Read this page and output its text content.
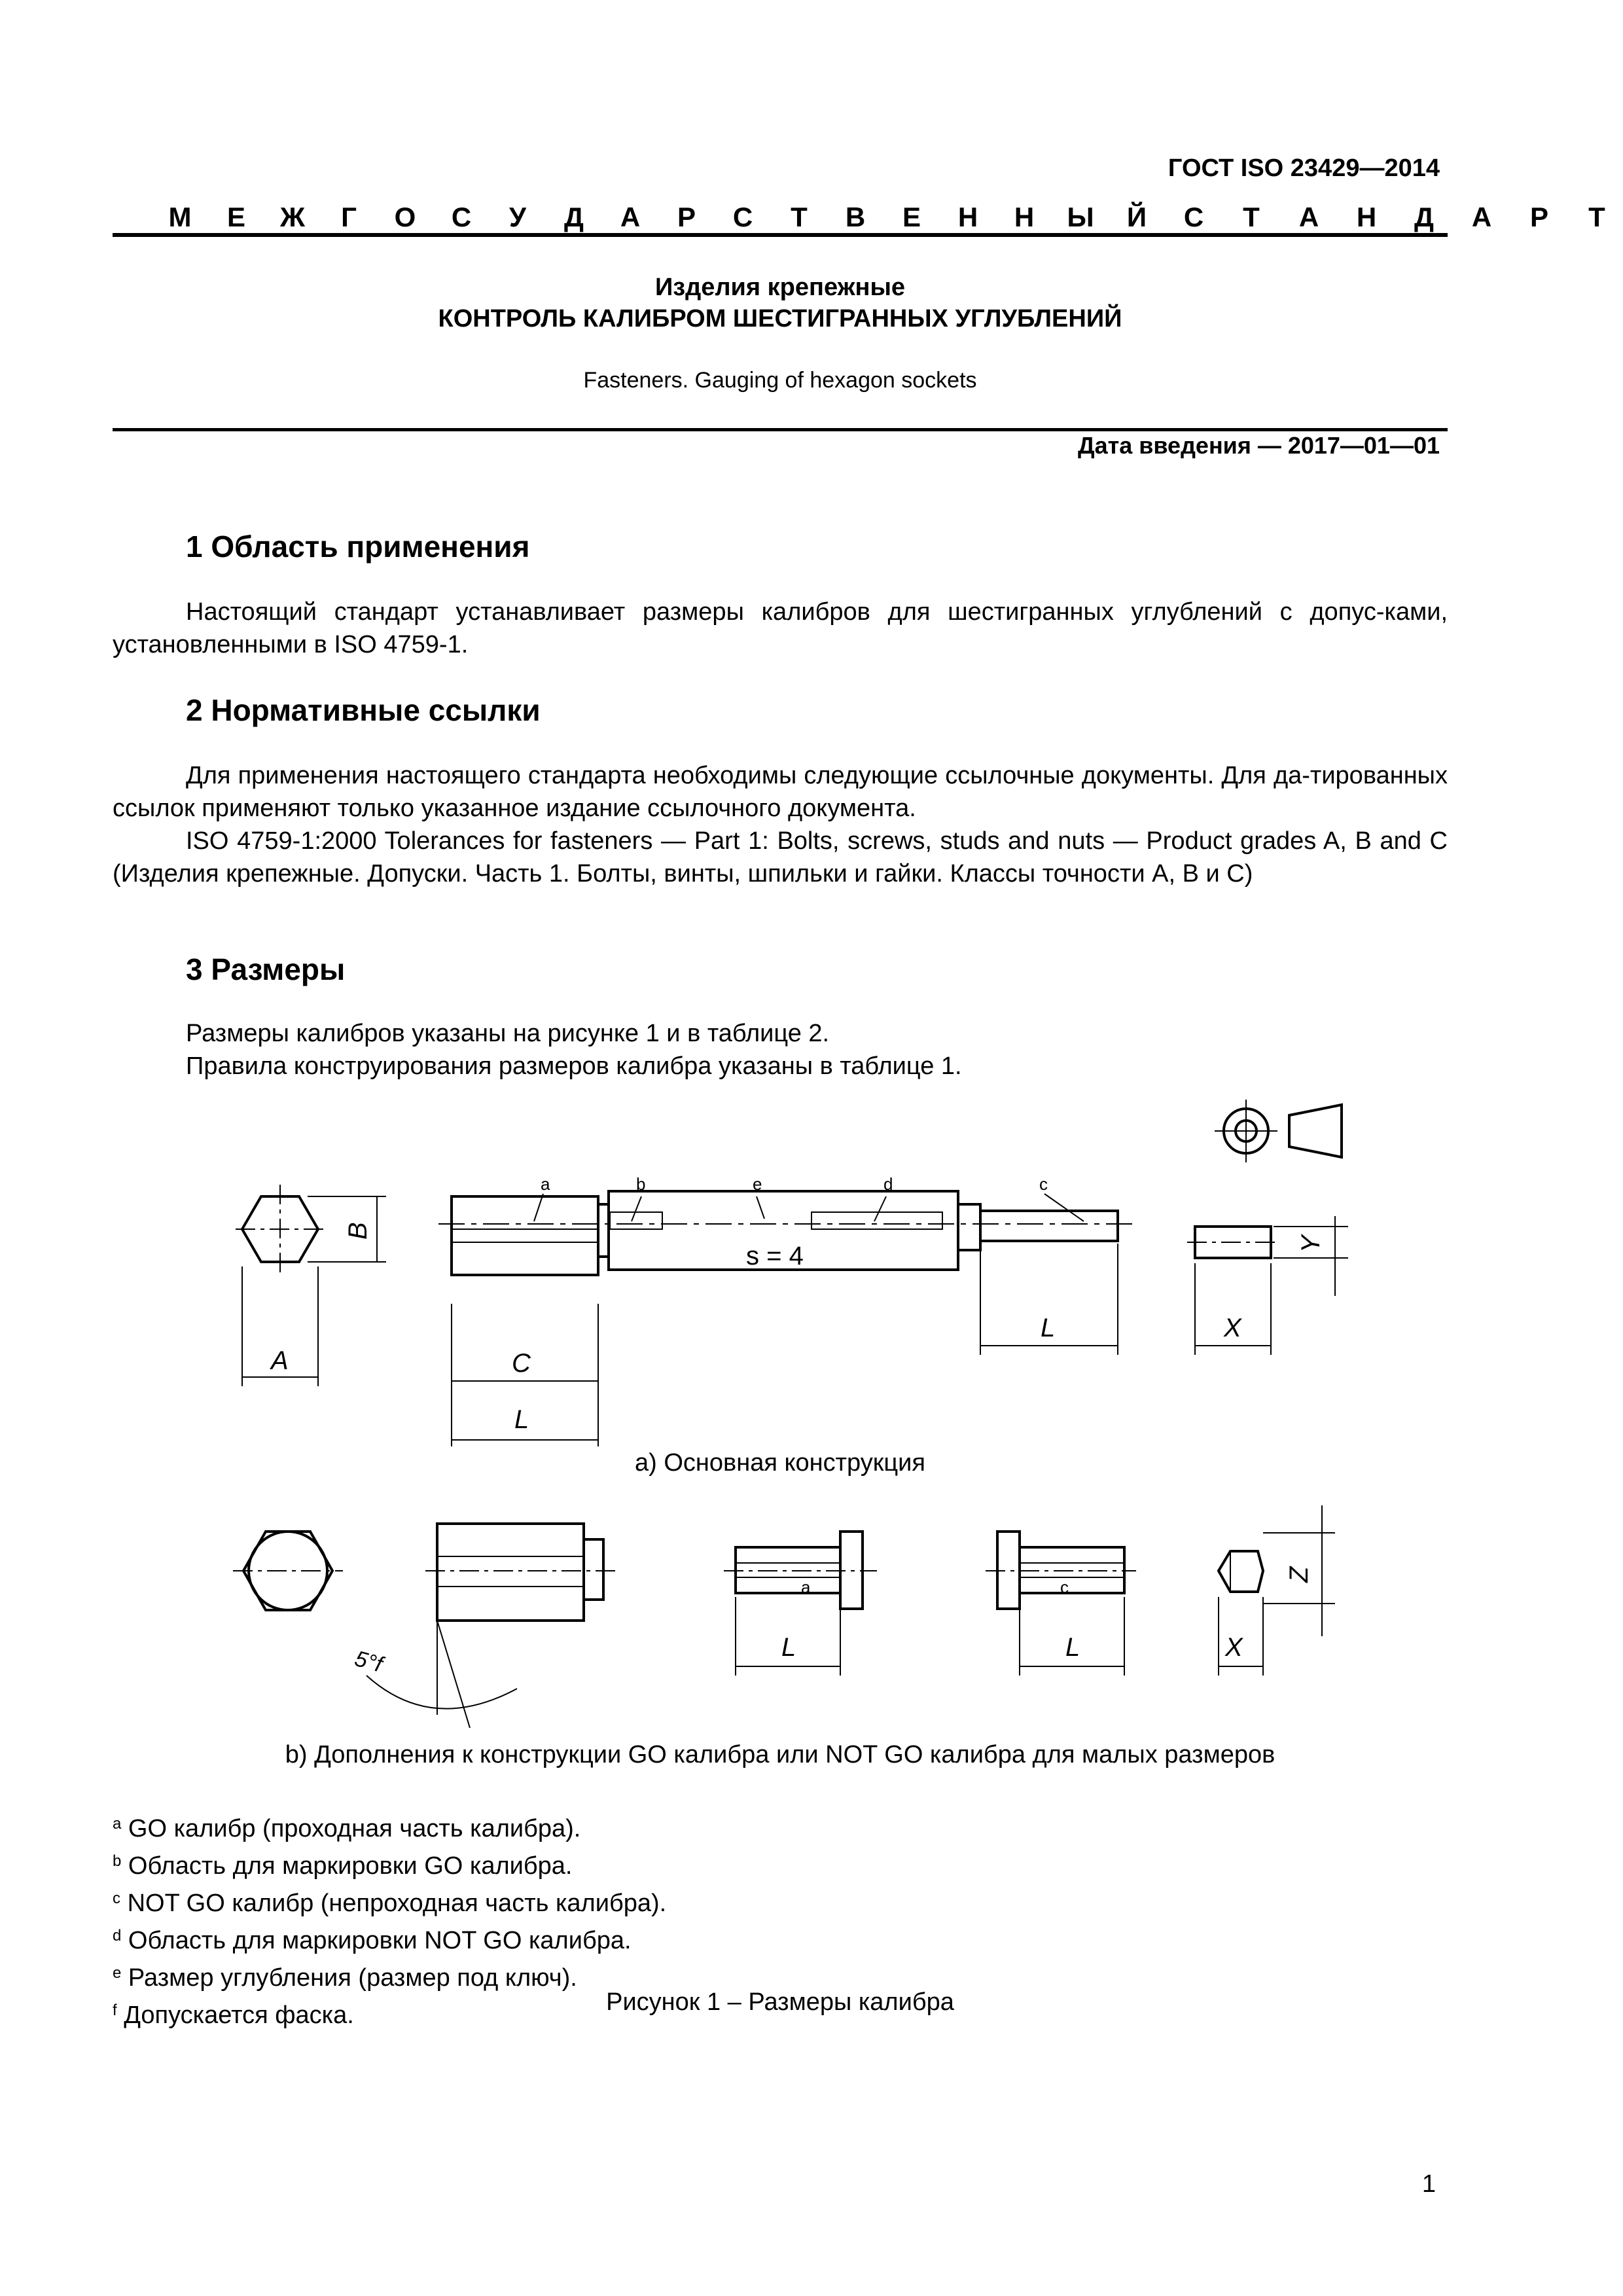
ГОСТ ISO 23429—2014
М	Е	Ж	Г	О	С	У	Д	А	Р	С	Т	В	Е	Н	Н	Ы	Й	С	Т	А	Н	Д	А	Р	Т
Изделия крепежные
КОНТРОЛЬ КАЛИБРОМ ШЕСТИГРАННЫХ УГЛУБЛЕНИЙ
Fasteners. Gauging of hexagon sockets
Дата введения — 2017—01—01
1 Область применения

Настоящий стандарт устанавливает размеры калибров для шестигранных углублений с допус-ками, установленными в ISO 4759-1.

2 Нормативные ссылки

Для применения настоящего стандарта необходимы следующие ссылочные документы. Для да-тированных ссылок применяют только указанное издание ссылочного документа.

ISO 4759-1:2000 Tolerances for fasteners — Part 1: Bolts, screws, studs and nuts — Product grades A, B and C (Изделия крепежные. Допуски. Часть 1. Болты, винты, шпильки и гайки. Классы точности А, В и С)

3 Размеры
Размеры калибров указаны на рисунке 1 и в таблице 2.
Правила конструирования размеров калибра указаны в таблице 1.
a	b	e	d	c
a	c
s = 4
A
B
C
L
L	X
Y
5°f	L	L	X
Z
a) Основная конструкция
b) Дополнения к конструкции GO калибра или NOT GO калибра для малых размеров
$^a$ GO калибр (проходная часть калибра).
$^b$ Область для маркировки GO калибра.
$^c$ NOT GO калибр (непроходная часть калибра).
$^d$ Область для маркировки NOT GO калибра.
$^e$ Размер углубления (размер под ключ).
$^f$ Допускается фаска.	Рисунок 1 – Размеры калибра
1
